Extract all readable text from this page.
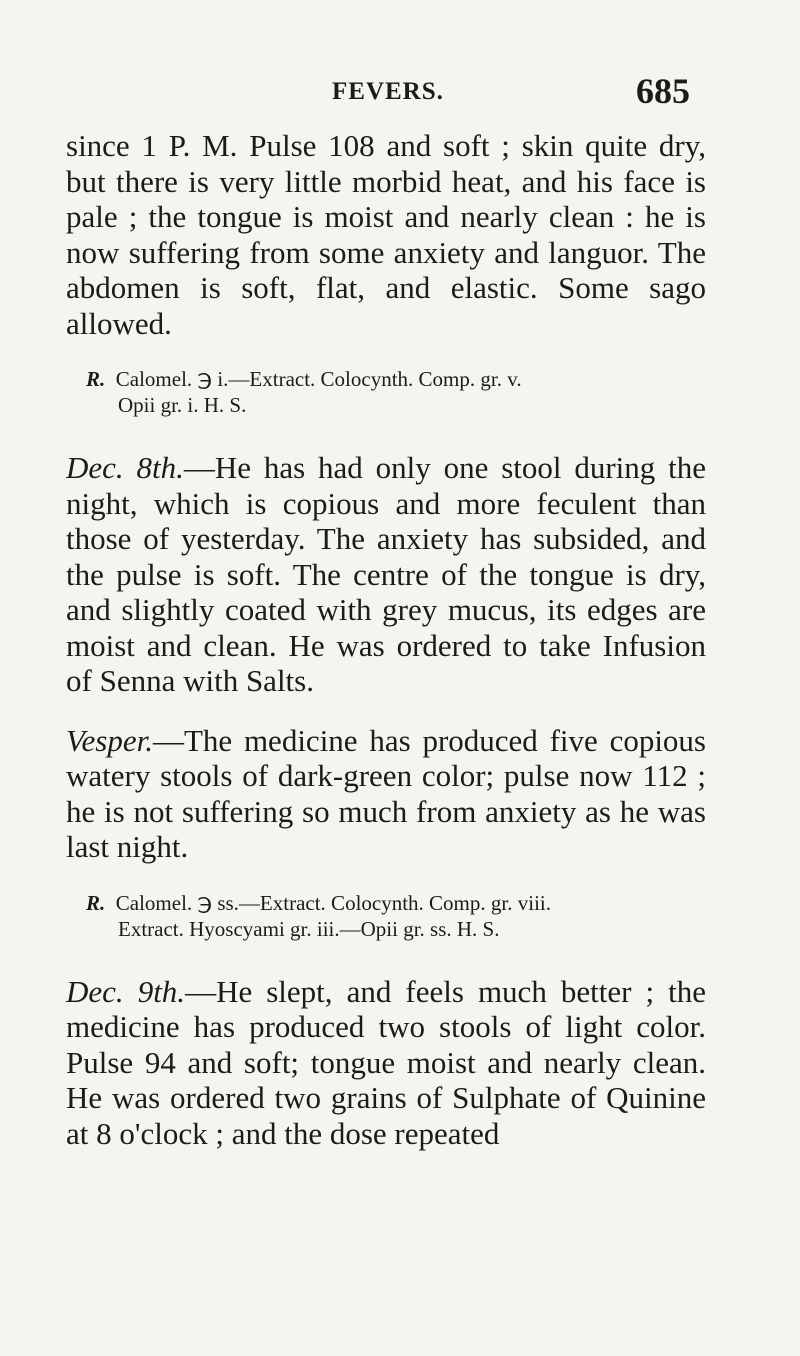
FEVERS.	685

since 1 P. M. Pulse 108 and soft ; skin quite dry, but there is very little morbid heat, and his face is pale ; the tongue is moist and nearly clean : he is now suffering from some anxiety and languor. The abdomen is soft, flat, and elastic. Some sago allowed.

R. Calomel. ℈ i.—Extract. Colocynth. Comp. gr. v.
Opii gr. i. H. S.

Dec. 8th.—He has had only one stool during the night, which is copious and more feculent than those of yesterday. The anxiety has subsided, and the pulse is soft. The centre of the tongue is dry, and slightly coated with grey mucus, its edges are moist and clean. He was ordered to take Infusion of Senna with Salts.

Vesper.—The medicine has produced five copious watery stools of dark-green color; pulse now 112 ; he is not suffering so much from anxiety as he was last night.

R. Calomel. ℈ ss.—Extract. Colocynth. Comp. gr. viii.
Extract. Hyoscyami gr. iii.—Opii gr. ss. H. S.

Dec. 9th.—He slept, and feels much better ; the medicine has produced two stools of light color. Pulse 94 and soft; tongue moist and nearly clean. He was ordered two grains of Sulphate of Quinine at 8 o'clock ; and the dose repeated
